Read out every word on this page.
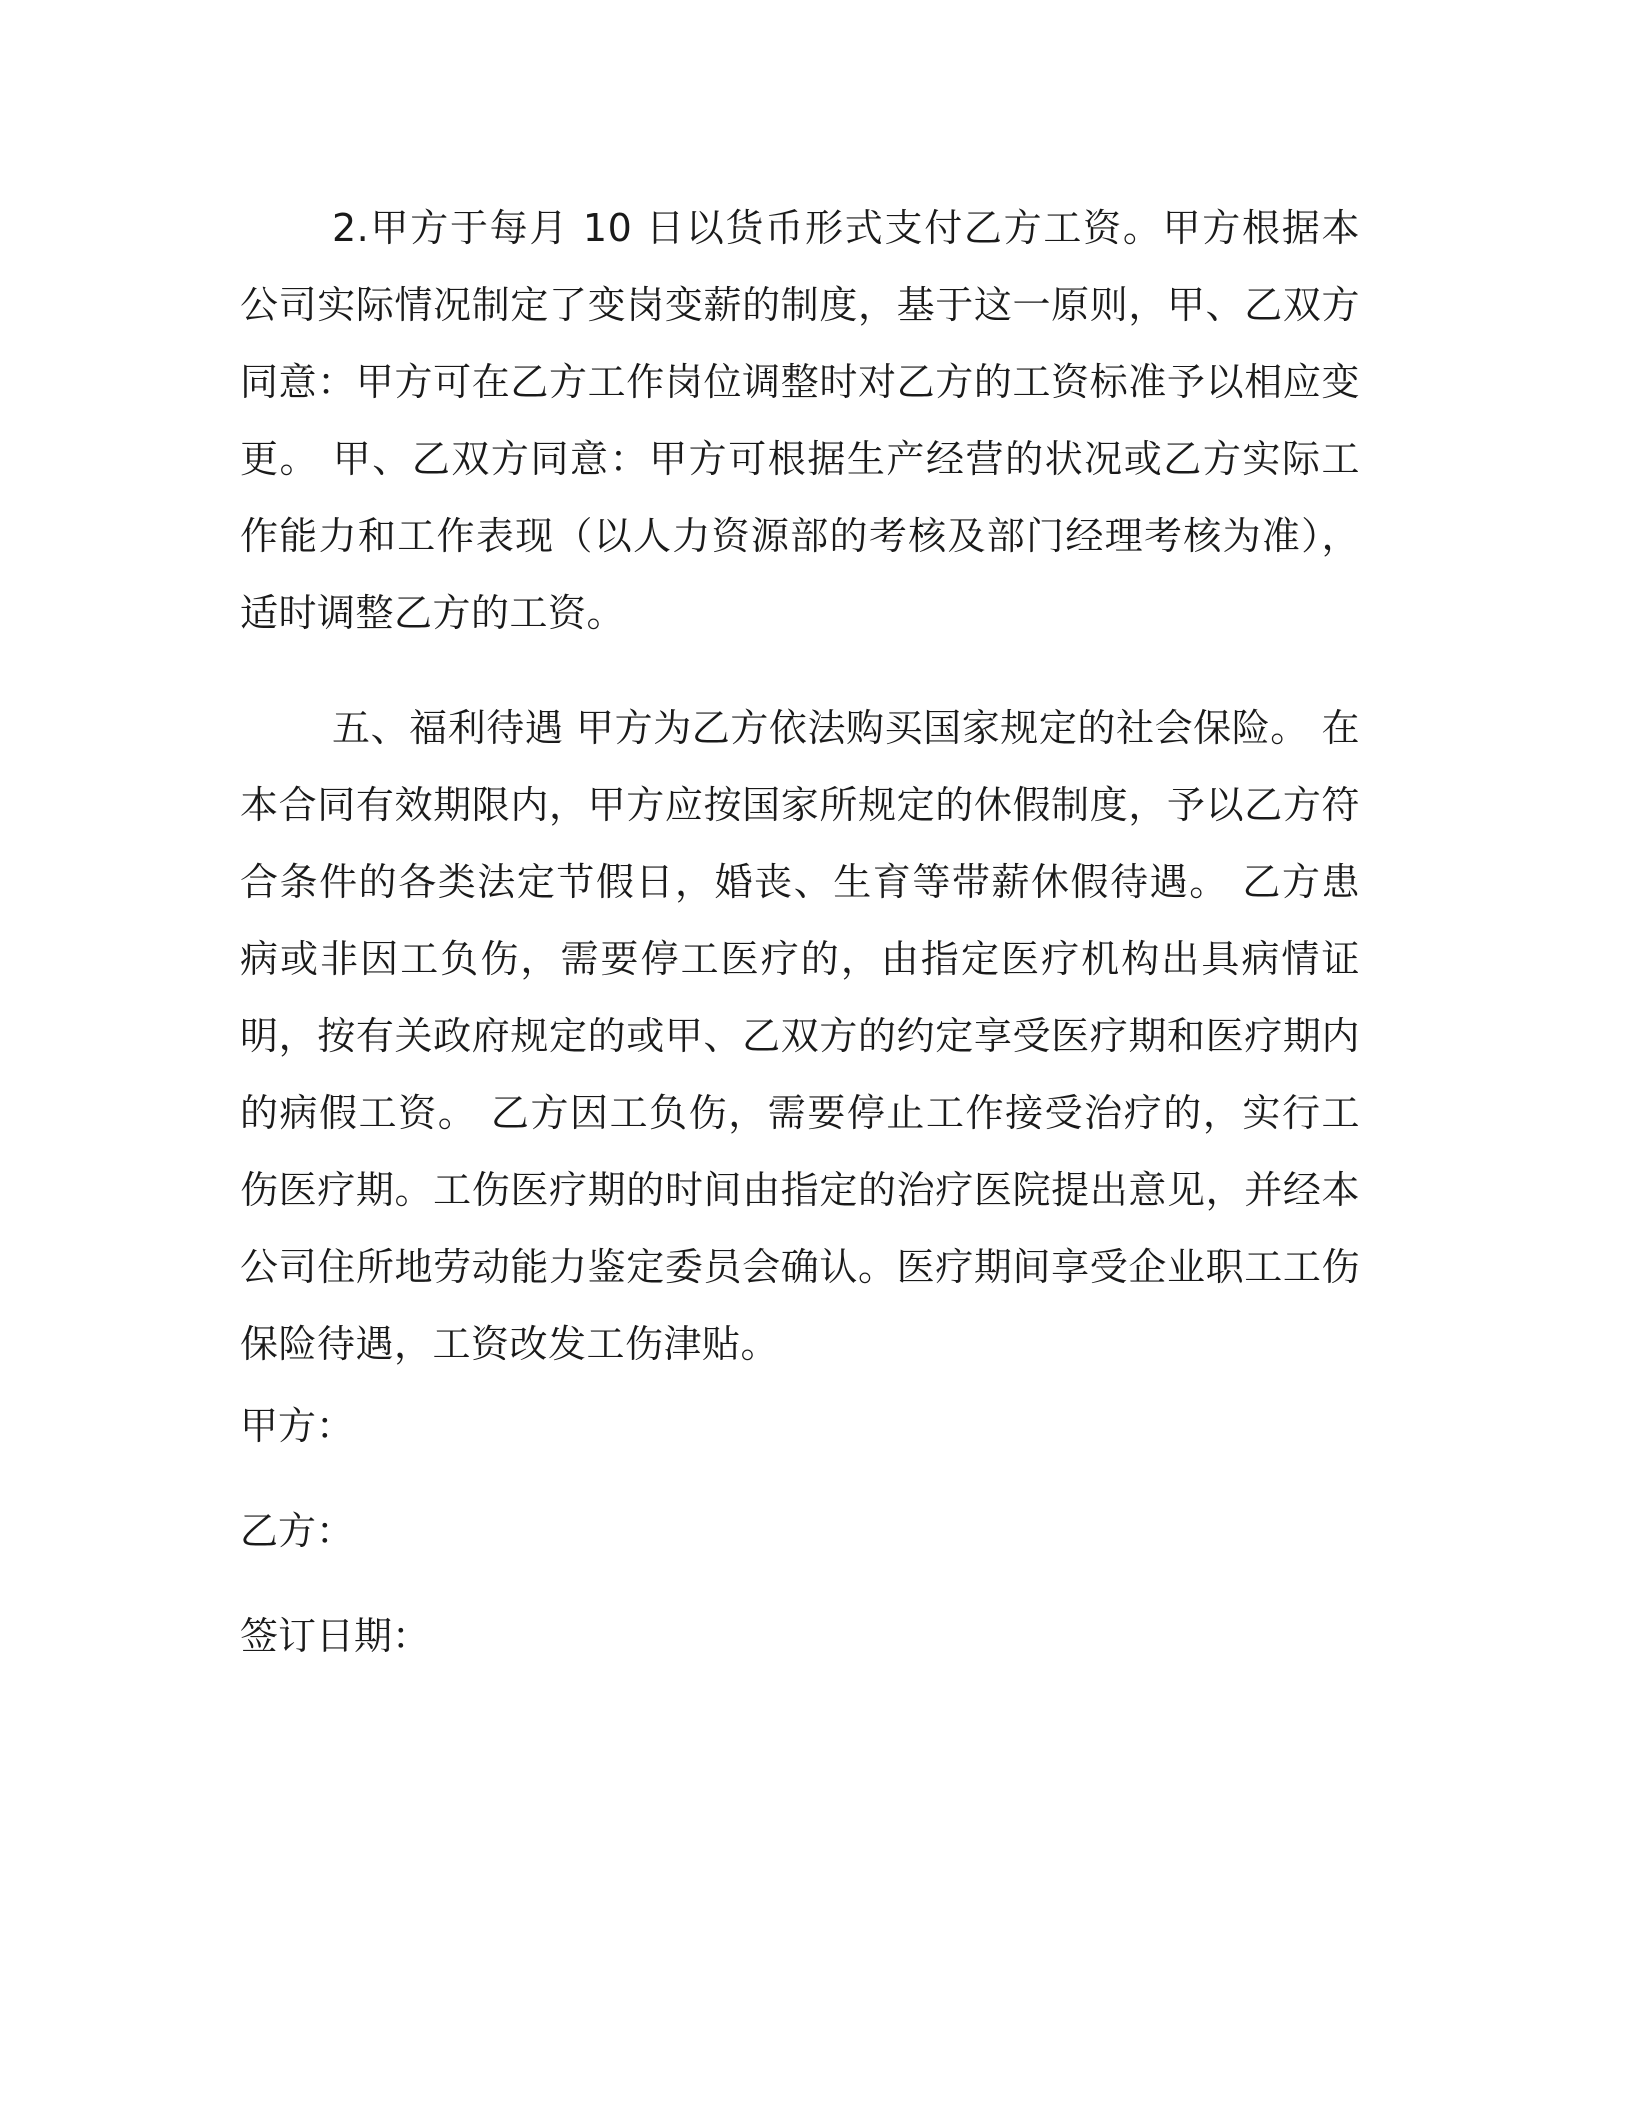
2.甲方于每月 10 日以货币形式支付乙方工资。甲方根据本公司实际情况制定了变岗变薪的制度，基于这一原则，甲、乙双方同意：甲方可在乙方工作岗位调整时对乙方的工资标准予以相应变更。 甲、乙双方同意：甲方可根据生产经营的状况或乙方实际工作能力和工作表现（以人力资源部的考核及部门经理考核为准），适时调整乙方的工资。

五、福利待遇 甲方为乙方依法购买国家规定的社会保险。 在本合同有效期限内，甲方应按国家所规定的休假制度，予以乙方符合条件的各类法定节假日，婚丧、生育等带薪休假待遇。 乙方患病或非因工负伤，需要停工医疗的，由指定医疗机构出具病情证明，按有关政府规定的或甲、乙双方的约定享受医疗期和医疗期内的病假工资。 乙方因工负伤，需要停止工作接受治疗的，实行工伤医疗期。工伤医疗期的时间由指定的治疗医院提出意见，并经本公司住所地劳动能力鉴定委员会确认。医疗期间享受企业职工工伤保险待遇，工资改发工伤津贴。

甲方：

乙方：

签订日期：
